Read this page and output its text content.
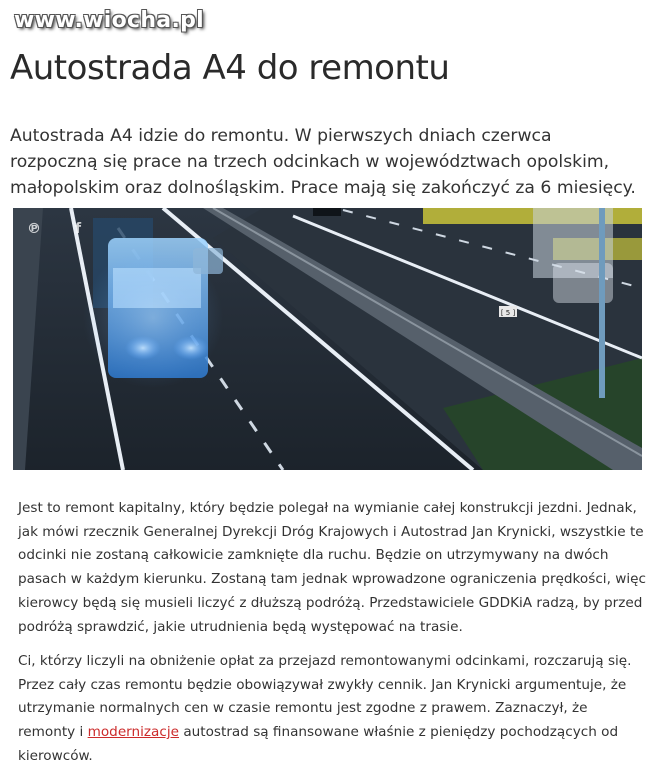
www.wiocha.pl
Autostrada A4 do remontu

Autostrada A4 idzie do remontu. W pierwszych dniach czerwca rozpoczną się prace na trzech odcinkach w województwach opolskim, małopolskim oraz dolnośląskim. Prace mają się zakończyć za 6 miesięcy.

[ 5 ]
℗	f

Jest to remont kapitalny, który będzie polegał na wymianie całej konstrukcji jezdni. Jednak, jak mówi rzecznik Generalnej Dyrekcji Dróg Krajowych i Autostrad Jan Krynicki, wszystkie te odcinki nie zostaną całkowicie zamknięte dla ruchu. Będzie on utrzymywany na dwóch pasach w każdym kierunku. Zostaną tam jednak wprowadzone ograniczenia prędkości, więc kierowcy będą się musieli liczyć z dłuższą podróżą. Przedstawiciele GDDKiA radzą, by przed podróżą sprawdzić, jakie utrudnienia będą występować na trasie.

Ci, którzy liczyli na obniżenie opłat za przejazd remontowanymi odcinkami, rozczarują się. Przez cały czas remontu będzie obowiązywał zwykły cennik. Jan Krynicki argumentuje, że utrzymanie normalnych cen w czasie remontu jest zgodne z prawem. Zaznaczył, że remonty i modernizacje autostrad są finansowane właśnie z pieniędzy pochodzących od kierowców.
